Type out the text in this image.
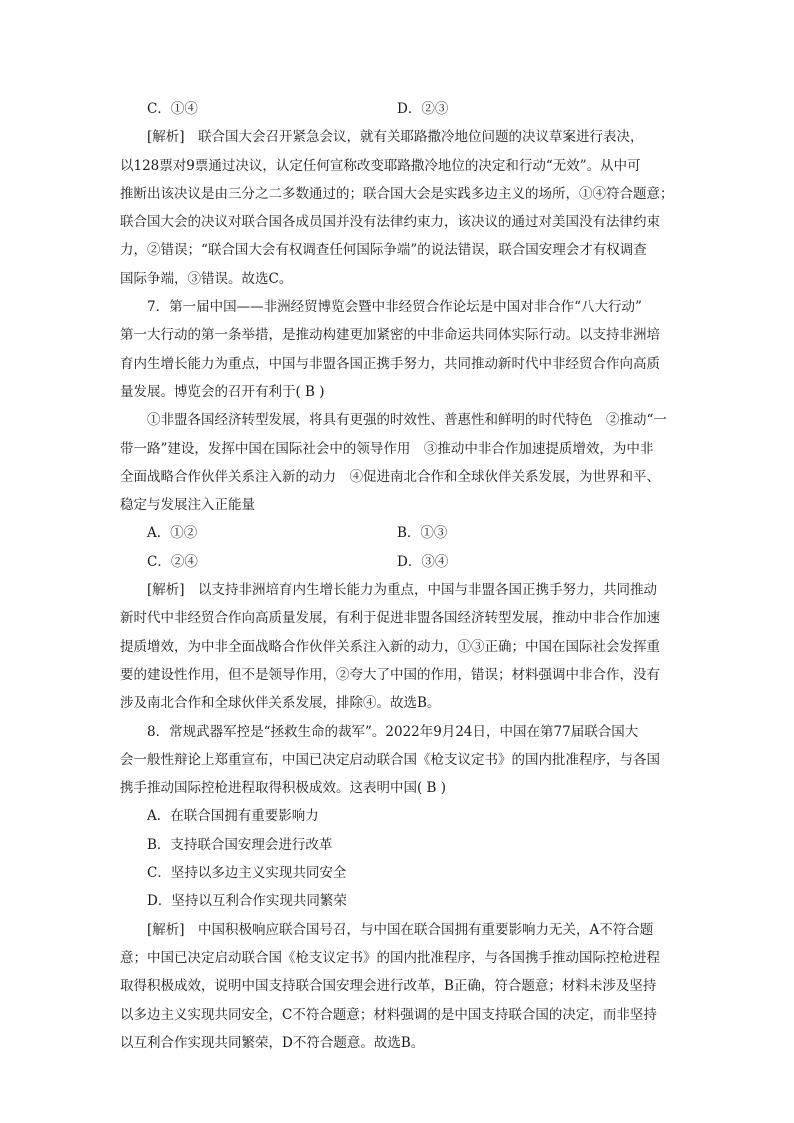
C．①④	D．②③
[解析]　联合国大会召开紧急会议，就有关耶路撒冷地位问题的决议草案进行表决，
以128票对9票通过决议，认定任何宣称改变耶路撒冷地位的决定和行动“无效”。从中可
推断出该决议是由三分之二多数通过的；联合国大会是实践多边主义的场所，①④符合题意；
联合国大会的决议对联合国各成员国并没有法律约束力，该决议的通过对美国没有法律约束
力，②错误；“联合国大会有权调查任何国际争端”的说法错误，联合国安理会才有权调查
国际争端，③错误。故选C。
7．第一届中国——非洲经贸博览会暨中非经贸合作论坛是中国对非合作“八大行动”
第一大行动的第一条举措，是推动构建更加紧密的中非命运共同体实际行动。以支持非洲培
育内生增长能力为重点，中国与非盟各国正携手努力，共同推动新时代中非经贸合作向高质
量发展。博览会的召开有利于( B )
①非盟各国经济转型发展，将具有更强的时效性、普惠性和鲜明的时代特色　②推动“一
带一路”建设，发挥中国在国际社会中的领导作用　③推动中非合作加速提质增效，为中非
全面战略合作伙伴关系注入新的动力　④促进南北合作和全球伙伴关系发展，为世界和平、
稳定与发展注入正能量
A．①②	B．①③
C．②④	D．③④
[解析]　以支持非洲培育内生增长能力为重点，中国与非盟各国正携手努力，共同推动
新时代中非经贸合作向高质量发展，有利于促进非盟各国经济转型发展，推动中非合作加速
提质增效，为中非全面战略合作伙伴关系注入新的动力，①③正确；中国在国际社会发挥重
要的建设性作用，但不是领导作用，②夸大了中国的作用，错误；材料强调中非合作，没有
涉及南北合作和全球伙伴关系发展，排除④。故选B。
8．常规武器军控是“拯救生命的裁军”。2022年9月24日，中国在第77届联合国大
会一般性辩论上郑重宣布，中国已决定启动联合国《枪支议定书》的国内批准程序，与各国
携手推动国际控枪进程取得积极成效。这表明中国( B )
A．在联合国拥有重要影响力
B．支持联合国安理会进行改革
C．坚持以多边主义实现共同安全
D．坚持以互利合作实现共同繁荣
[解析]　中国积极响应联合国号召，与中国在联合国拥有重要影响力无关，A不符合题
意；中国已决定启动联合国《枪支议定书》的国内批准程序，与各国携手推动国际控枪进程
取得积极成效，说明中国支持联合国安理会进行改革，B正确，符合题意；材料未涉及坚持
以多边主义实现共同安全，C不符合题意；材料强调的是中国支持联合国的决定，而非坚持
以互利合作实现共同繁荣，D不符合题意。故选B。
